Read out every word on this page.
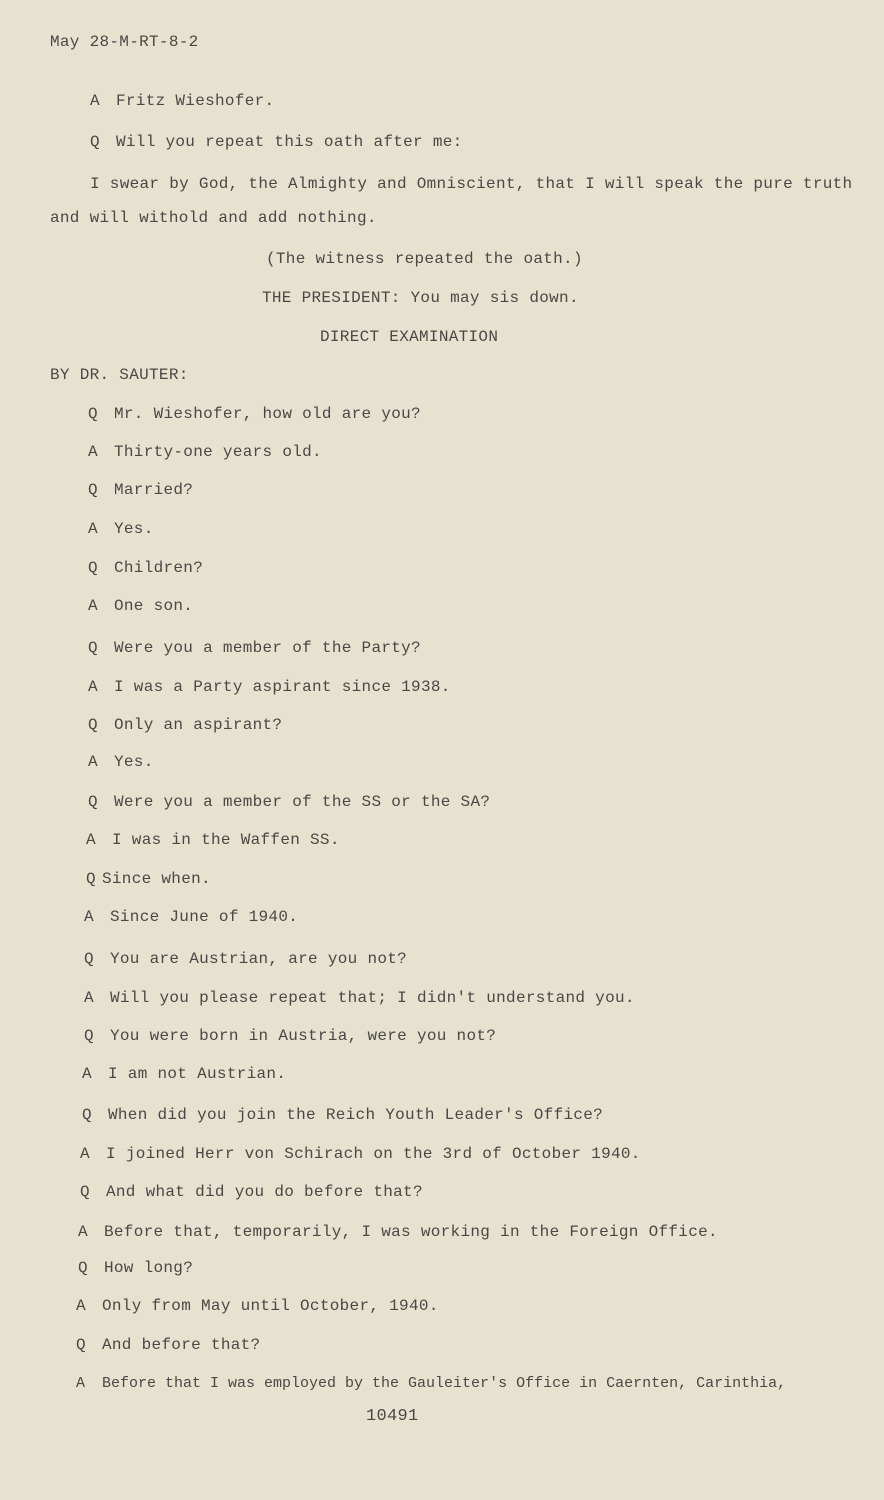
May 28-M-RT-8-2
A Fritz Wieshofer.
Q Will you repeat this oath after me:
I swear by God, the Almighty and Omniscient, that I will speak the pure truth
and will withold and add nothing.
(The witness repeated the oath.)
THE PRESIDENT: You may sis down.
DIRECT EXAMINATION
BY DR. SAUTER:
Q Mr. Wieshofer, how old are you?
A Thirty-one years old.
Q Married?
A Yes.
Q Children?
A One son.
Q Were you a member of the Party?
A I was a Party aspirant since 1938.
Q Only an aspirant?
A Yes.
Q Were you a member of the SS or the SA?
A I was in the Waffen SS.
Q Since when.
A Since June of 1940.
Q You are Austrian, are you not?
A Will you please repeat that; I didn't understand you.
Q You were born in Austria, were you not?
A I am not Austrian.
Q When did you join the Reich Youth Leader's Office?
A I joined Herr von Schirach on the 3rd of October 1940.
Q And what did you do before that?
A Before that, temporarily, I was working in the Foreign Office.
Q How long?
A Only from May until October, 1940.
Q And before that?
A Before that I was employed by the Gauleiter's Office in Caernten, Carinthia,
10491
